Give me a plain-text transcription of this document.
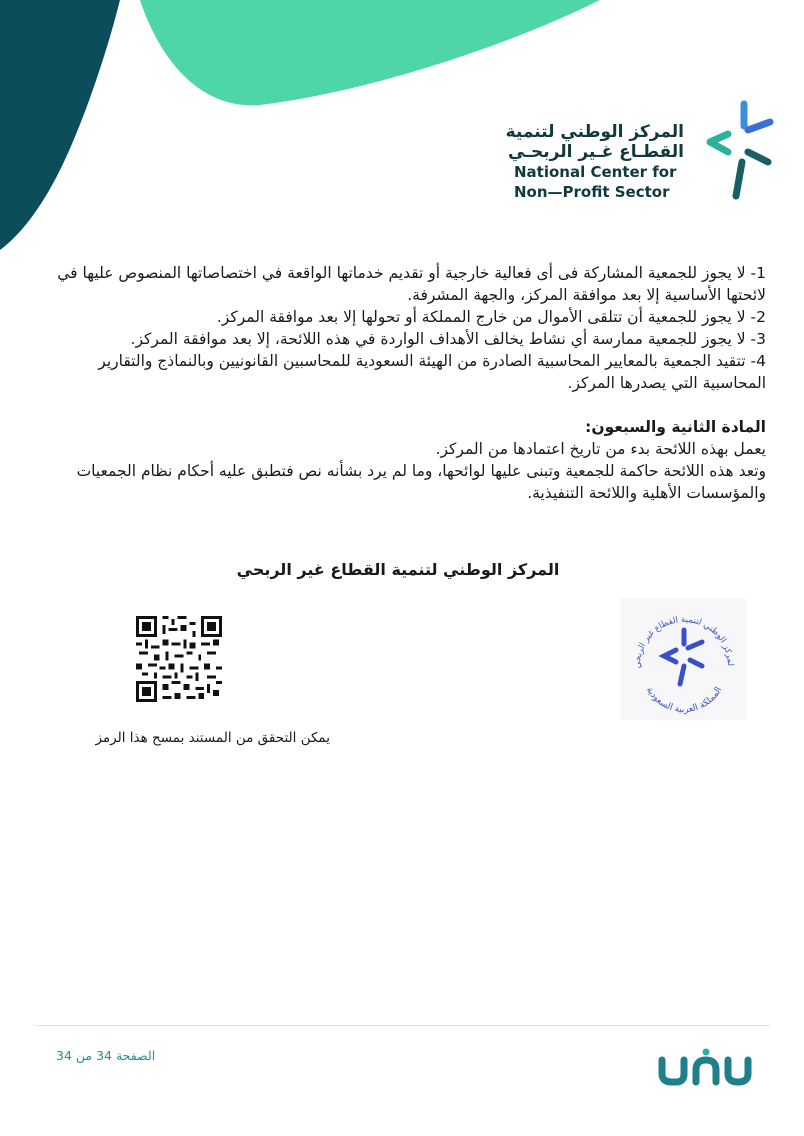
المركز الوطني لتنمية
القطـاع غـير الربحـي
National Center for
Non—Profit Sector

1- لا يجوز للجمعية المشاركة فى أى فعالية خارجية أو تقديم خدماتها الواقعة في اختصاصاتها المنصوص عليها في لائحتها الأساسية إلا بعد موافقة المركز، والجهة المشرفة.

2- لا يجوز للجمعية أن تتلقى الأموال من خارج المملكة أو تحولها إلا بعد موافقة المركز.

3- لا يجوز للجمعية ممارسة أي نشاط يخالف الأهداف الواردة في هذه اللائحة، إلا بعد موافقة المركز.

4- تتقيد الجمعية بالمعايير المحاسبية الصادرة من الهيئة السعودية للمحاسبين القانونيين وبالنماذج والتقارير المحاسبية التي يصدرها المركز.

المادة الثانية والسبعون:

يعمل بهذه اللائحة بدء من تاريخ اعتمادها من المركز.

وتعد هذه اللائحة حاكمة للجمعية وتبنى عليها لوائحها، وما لم يرد بشأنه نص فتطبق عليه أحكام نظام الجمعيات والمؤسسات الأهلية واللائحة التنفيذية.

المركز الوطني لتنمية القطاع غير الربحي
يمكن التحقق من المستند بمسح هذا الرمز
لمركز الوطني لتنمية القطاع غير الربحي
المملكة العربية السعودية
الصفحة 34 من 34
